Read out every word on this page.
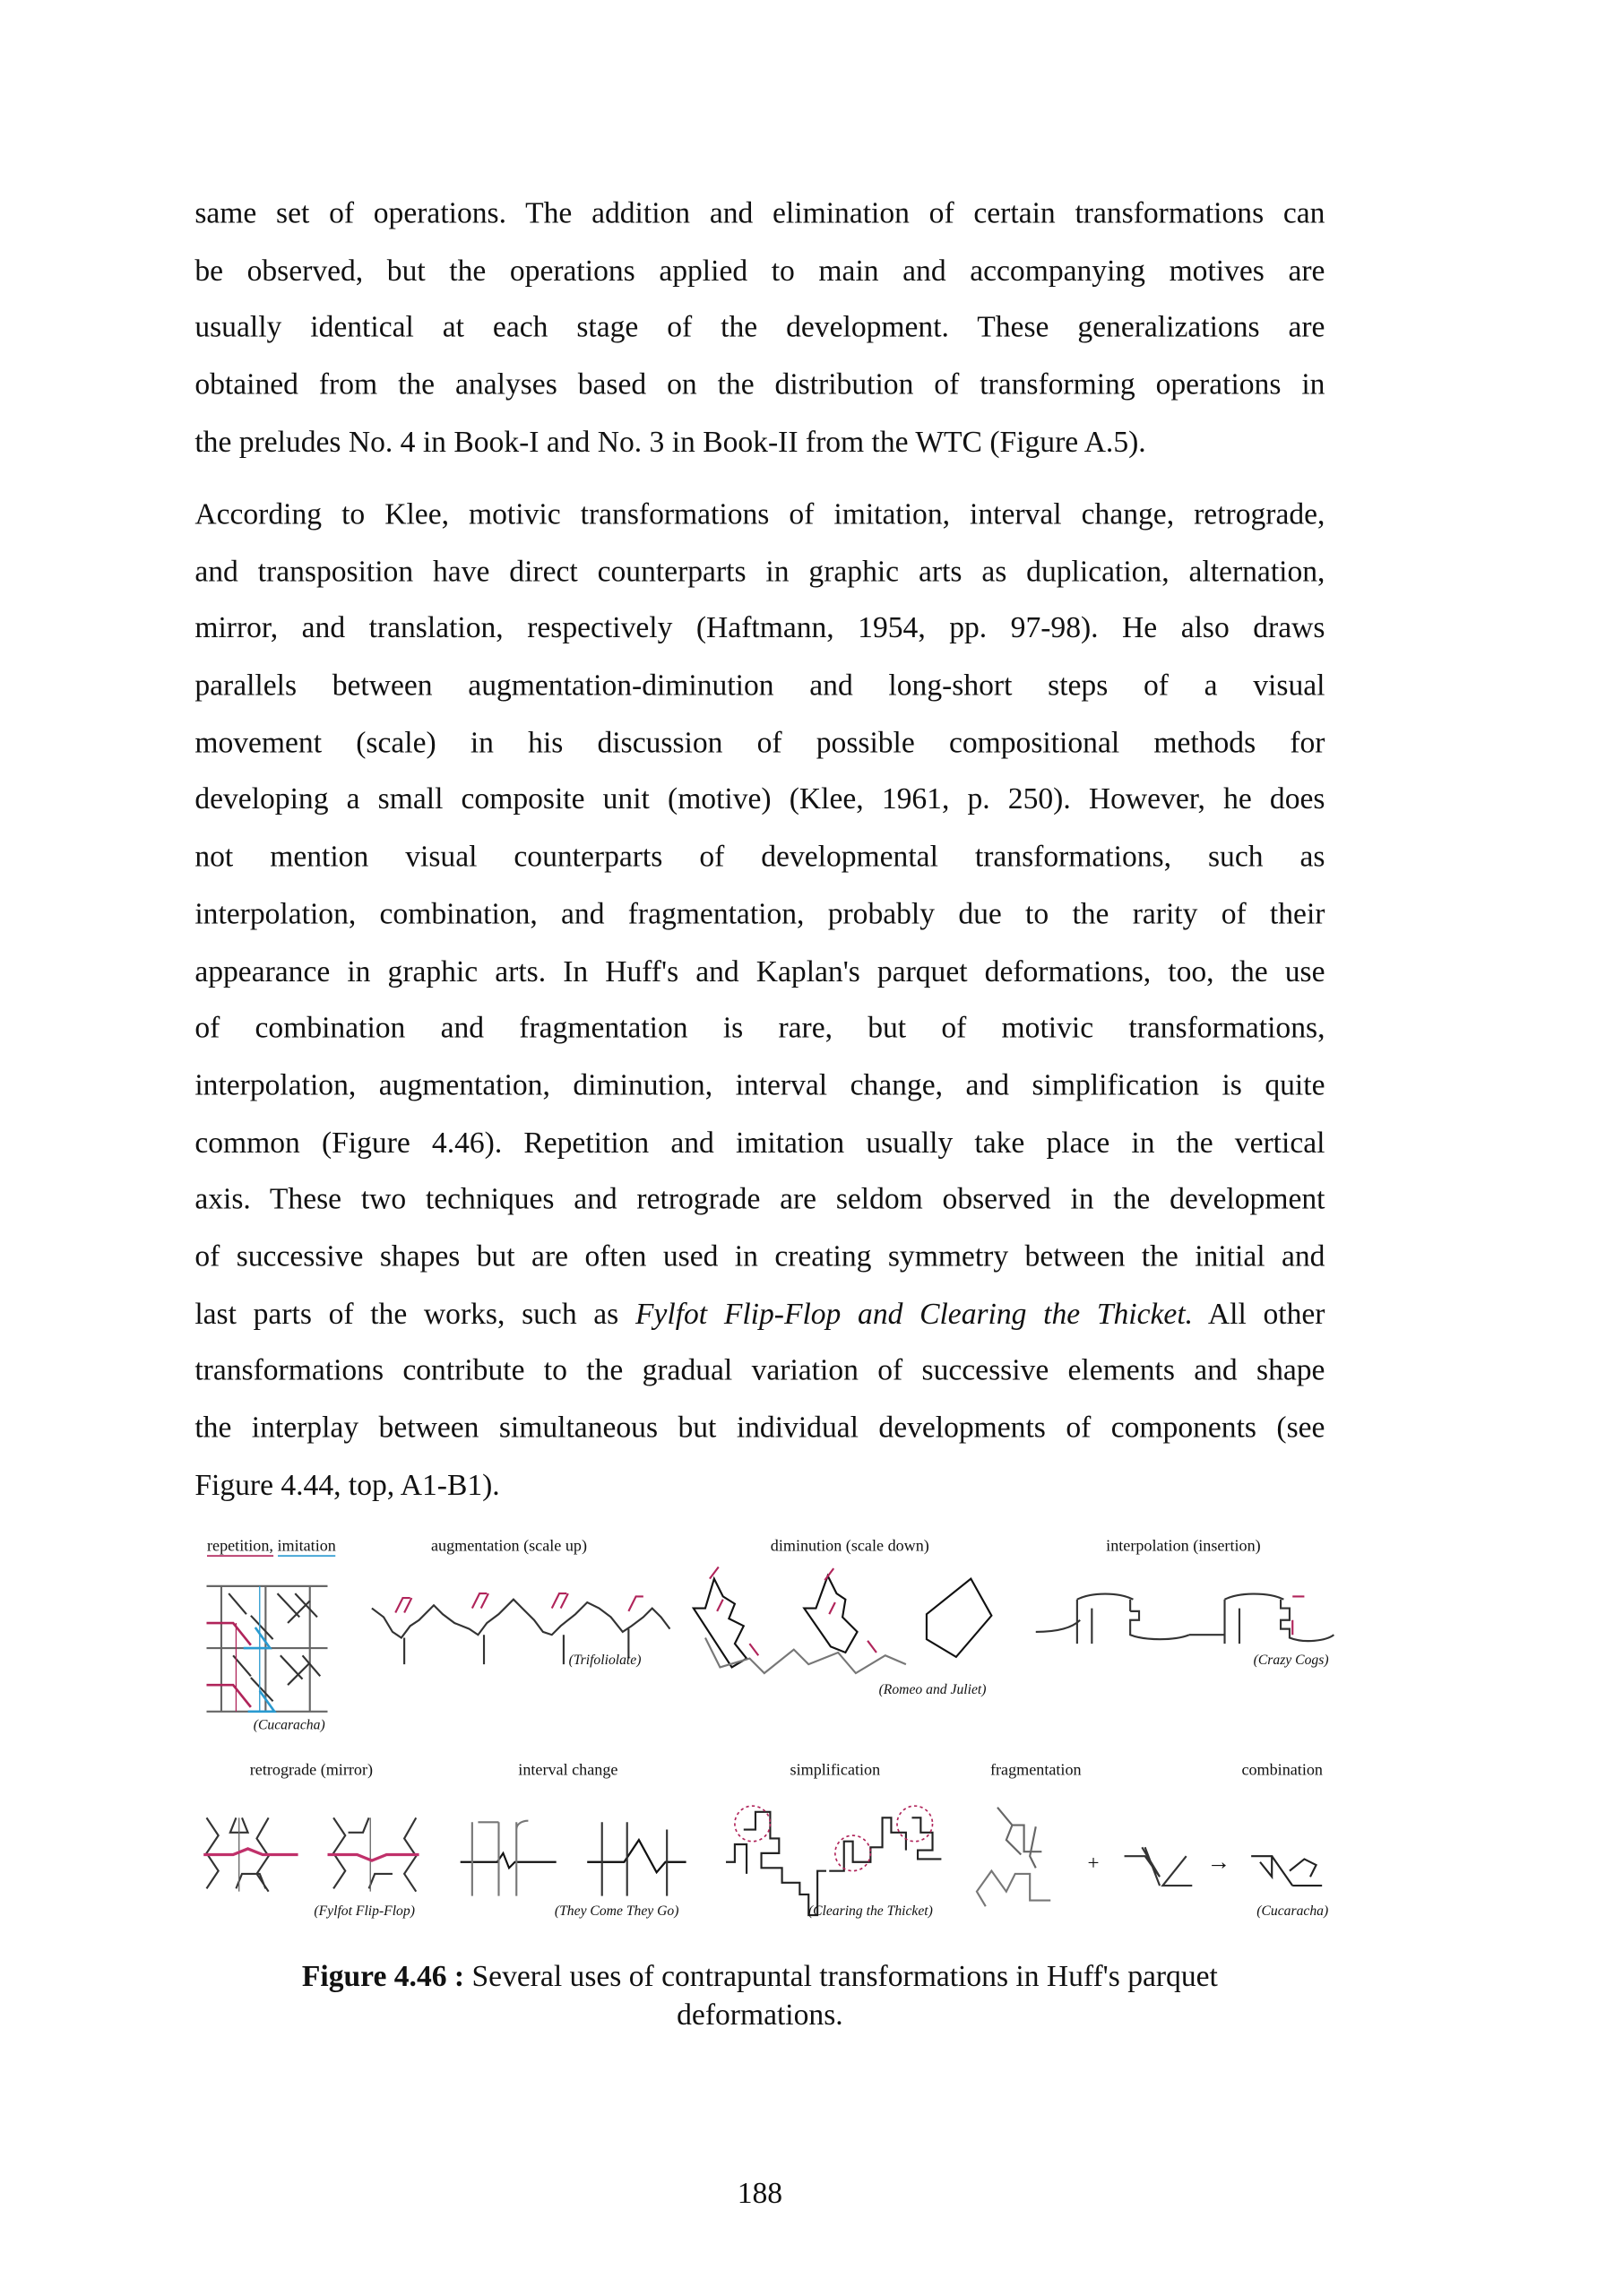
same set of operations. The addition and elimination of certain transformations can
be observed, but the operations applied to main and accompanying motives are
usually identical at each stage of the development. These generalizations are
obtained from the analyses based on the distribution of transforming operations in
the preludes No. 4 in Book-I and No. 3 in Book-II from the WTC (Figure A.5).
According to Klee, motivic transformations of imitation, interval change, retrograde,
and transposition have direct counterparts in graphic arts as duplication, alternation,
mirror, and translation, respectively (Haftmann, 1954, pp. 97-98). He also draws
parallels between augmentation-diminution and long-short steps of a visual
movement (scale) in his discussion of possible compositional methods for
developing a small composite unit (motive) (Klee, 1961, p. 250). However, he does
not mention visual counterparts of developmental transformations, such as
interpolation, combination, and fragmentation, probably due to the rarity of their
appearance in graphic arts. In Huff's and Kaplan's parquet deformations, too, the use
of combination and fragmentation is rare, but of motivic transformations,
interpolation, augmentation, diminution, interval change, and simplification is quite
common (Figure 4.46). Repetition and imitation usually take place in the vertical
axis. These two techniques and retrograde are seldom observed in the development
of successive shapes but are often used in creating symmetry between the initial and
last parts of the works, such as Fylfot Flip-Flop and Clearing the Thicket. All other
transformations contribute to the gradual variation of successive elements and shape
the interplay between simultaneous but individual developments of components (see
Figure 4.44, top, A1-B1).
repetition, imitation	augmentation (scale up)	diminution (scale down)	interpolation (insertion)
(Cucaracha)
(Trifoliolate)
(Romeo and Juliet)
(Crazy Cogs)
retrograde (mirror)	interval change	simplification	fragmentation	combination
+	→
(Fylfot Flip-Flop)	(They Come They Go)	(Clearing the Thicket)	(Cucaracha)
Figure 4.46 : Several uses of contrapuntal transformations in Huff's parquet
deformations.
188
